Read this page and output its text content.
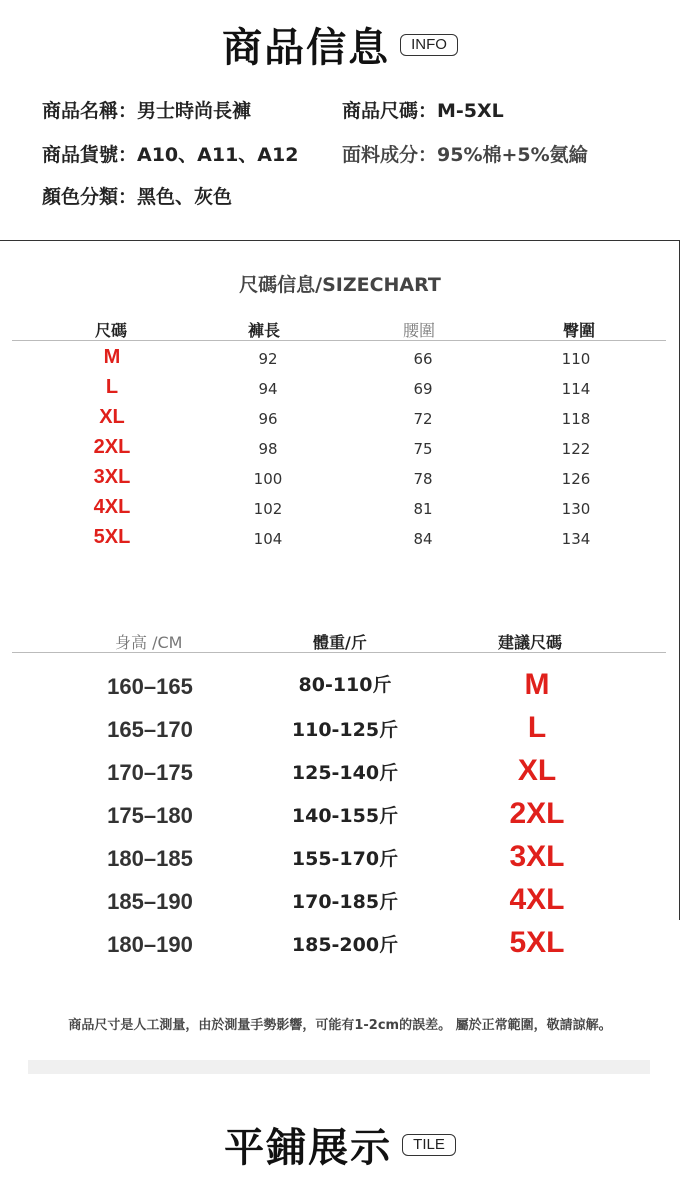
商品信息	INFO
商品名稱：男士時尚長褲	商品尺碼：M-5XL
商品貨號：A10、A11、A12 面料成分：95%棉+5%氨綸
顏色分類：黑色、灰色
尺碼信息/SIZECHART
尺碼	褲長	腰圍	臀圍
M	92	66	110
L	94	69	114
XL	96	72	118
2XL	98	75	122
3XL	100	78	126
4XL	102	81	130
5XL	104	84	134
身高 /CM	體重/斤	建議尺碼
160–165	80-110斤	M
165–170	110-125斤	L
170–175	125-140斤	XL
175–180	140-155斤	2XL
180–185	155-170斤	3XL
185–190	170-185斤	4XL
180–190	185-200斤	5XL
商品尺寸是人工測量，由於測量手勢影響，可能有1-2cm的誤差。 屬於正常範圍，敬請諒解。
平鋪展示	TILE
